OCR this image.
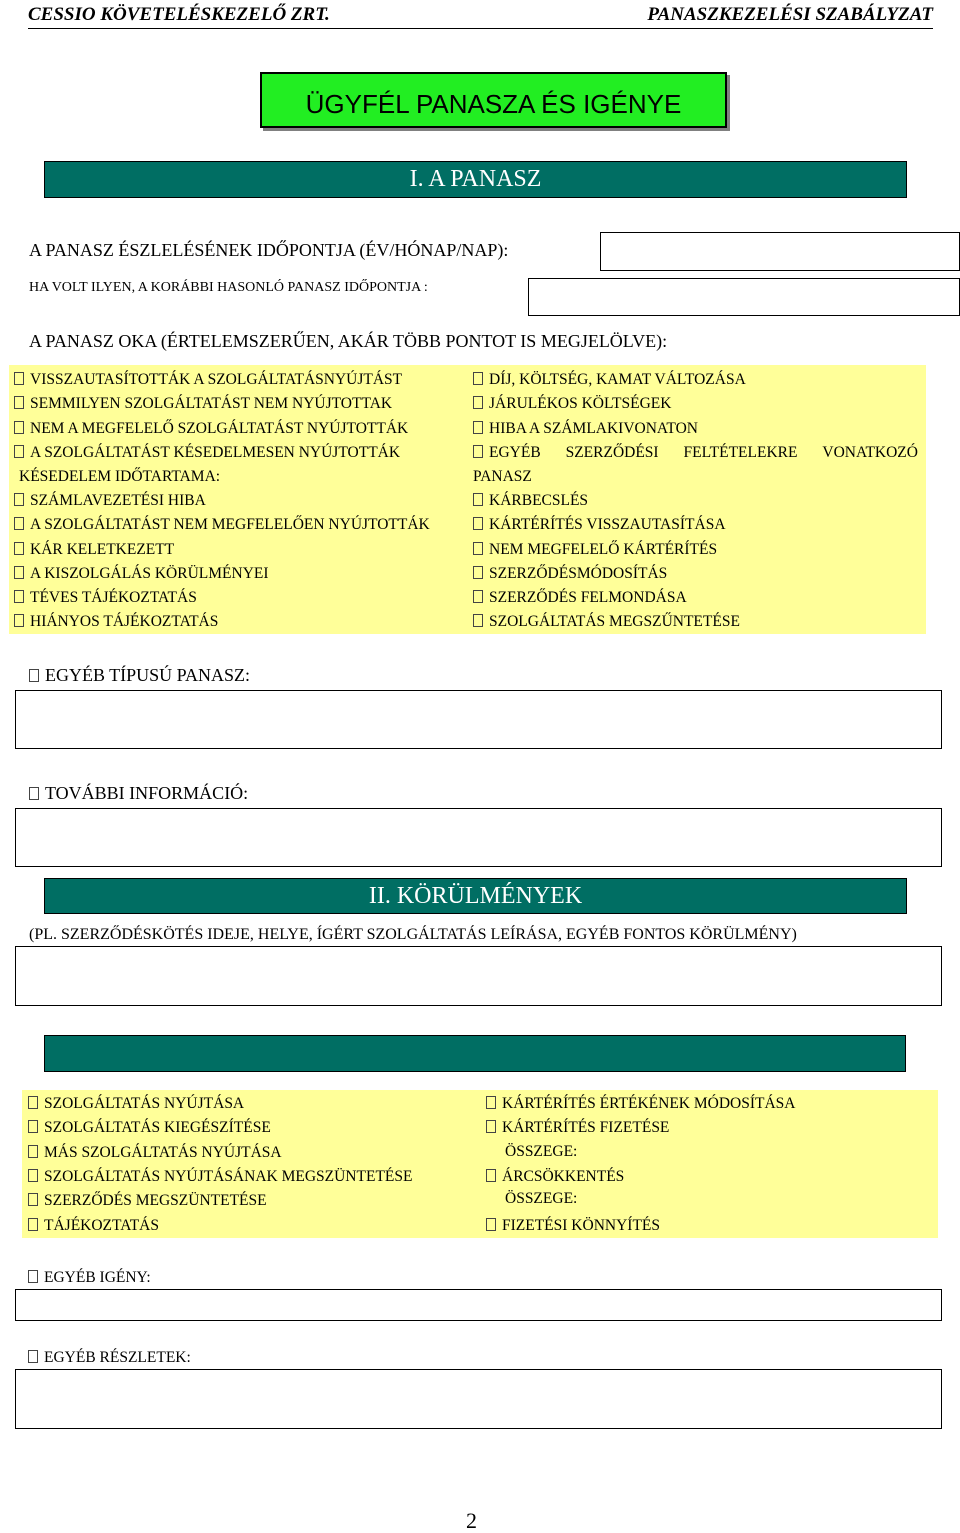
CESSIO KÖVETELÉSKEZELŐ ZRT.	PANASZKEZELÉSI SZABÁLYZAT
ÜGYFÉL PANASZA ÉS IGÉNYE
I. A PANASZ
A PANASZ ÉSZLELÉSÉNEK IDŐPONTJA (ÉV/HÓNAP/NAP):
HA VOLT ILYEN, A KORÁBBI HASONLÓ PANASZ IDŐPONTJA :
A PANASZ OKA (ÉRTELEMSZERŰEN, AKÁR TÖBB PONTOT IS MEGJELÖLVE):
VISSZAUTASÍTOTTÁK A SZOLGÁLTATÁSNYÚJTÁST
SEMMILYEN SZOLGÁLTATÁST NEM NYÚJTOTTAK
NEM A MEGFELELŐ SZOLGÁLTATÁST NYÚJTOTTÁK
A SZOLGÁLTATÁST KÉSEDELMESEN NYÚJTOTTÁK
KÉSEDELEM IDŐTARTAMA:
SZÁMLAVEZETÉSI HIBA
A SZOLGÁLTATÁST NEM MEGFELELŐEN NYÚJTOTTÁK
KÁR KELETKEZETT
A KISZOLGÁLÁS KÖRÜLMÉNYEI
TÉVES TÁJÉKOZTATÁS
HIÁNYOS TÁJÉKOZTATÁS
DÍJ, KÖLTSÉG, KAMAT VÁLTOZÁSA
JÁRULÉKOS KÖLTSÉGEK
HIBA A SZÁMLAKIVONATON
EGYÉB SZERZŐDÉSI FELTÉTELEKRE VONATKOZÓ
PANASZ
KÁRBECSLÉS
KÁRTÉRÍTÉS VISSZAUTASÍTÁSA
NEM MEGFELELŐ KÁRTÉRÍTÉS
SZERZŐDÉSMÓDOSÍTÁS
SZERZŐDÉS FELMONDÁSA
SZOLGÁLTATÁS MEGSZŰNTETÉSE
EGYÉB TÍPUSÚ PANASZ:
TOVÁBBI INFORMÁCIÓ:
II. KÖRÜLMÉNYEK
(PL. SZERZŐDÉSKÖTÉS IDEJE, HELYE, ÍGÉRT SZOLGÁLTATÁS LEÍRÁSA, EGYÉB FONTOS KÖRÜLMÉNY)
SZOLGÁLTATÁS NYÚJTÁSA
SZOLGÁLTATÁS KIEGÉSZÍTÉSE
MÁS SZOLGÁLTATÁS NYÚJTÁSA
SZOLGÁLTATÁS NYÚJTÁSÁNAK MEGSZÜNTETÉSE
SZERZŐDÉS MEGSZÜNTETÉSE
TÁJÉKOZTATÁS
KÁRTÉRÍTÉS ÉRTÉKÉNEK MÓDOSÍTÁSA
KÁRTÉRÍTÉS FIZETÉSE
ÖSSZEGE:
ÁRCSÖKKENTÉS
ÖSSZEGE:
FIZETÉSI KÖNNYÍTÉS
EGYÉB IGÉNY:
EGYÉB RÉSZLETEK:
2
